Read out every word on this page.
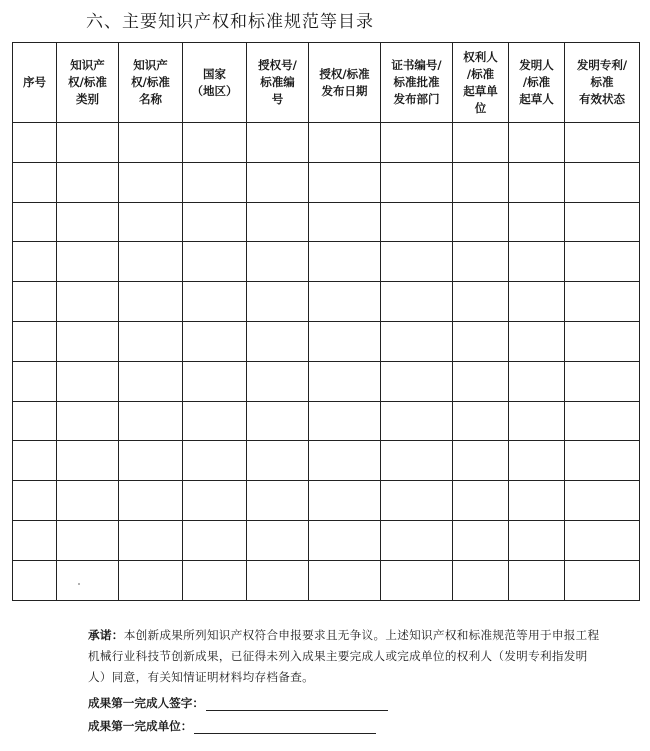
六、主要知识产权和标准规范等目录
序号	知识产
权/标准
类别	知识产
权/标准
名称	国家
（地区）	授权号/
标准编
号	授权/标准
发布日期	证书编号/
标准批准
发布部门	权利人
/标准
起草单
位	发明人
/标准
起草人	发明专利/
标准
有效状态

承诺：本创新成果所列知识产权符合申报要求且无争议。上述知识产权和标准规范等用于申报工程机械行业科技节创新成果，已征得未列入成果主要完成人或完成单位的权利人（发明专利指发明人）同意，有关知情证明材料均存档备查。

成果第一完成人签字：
成果第一完成单位：
